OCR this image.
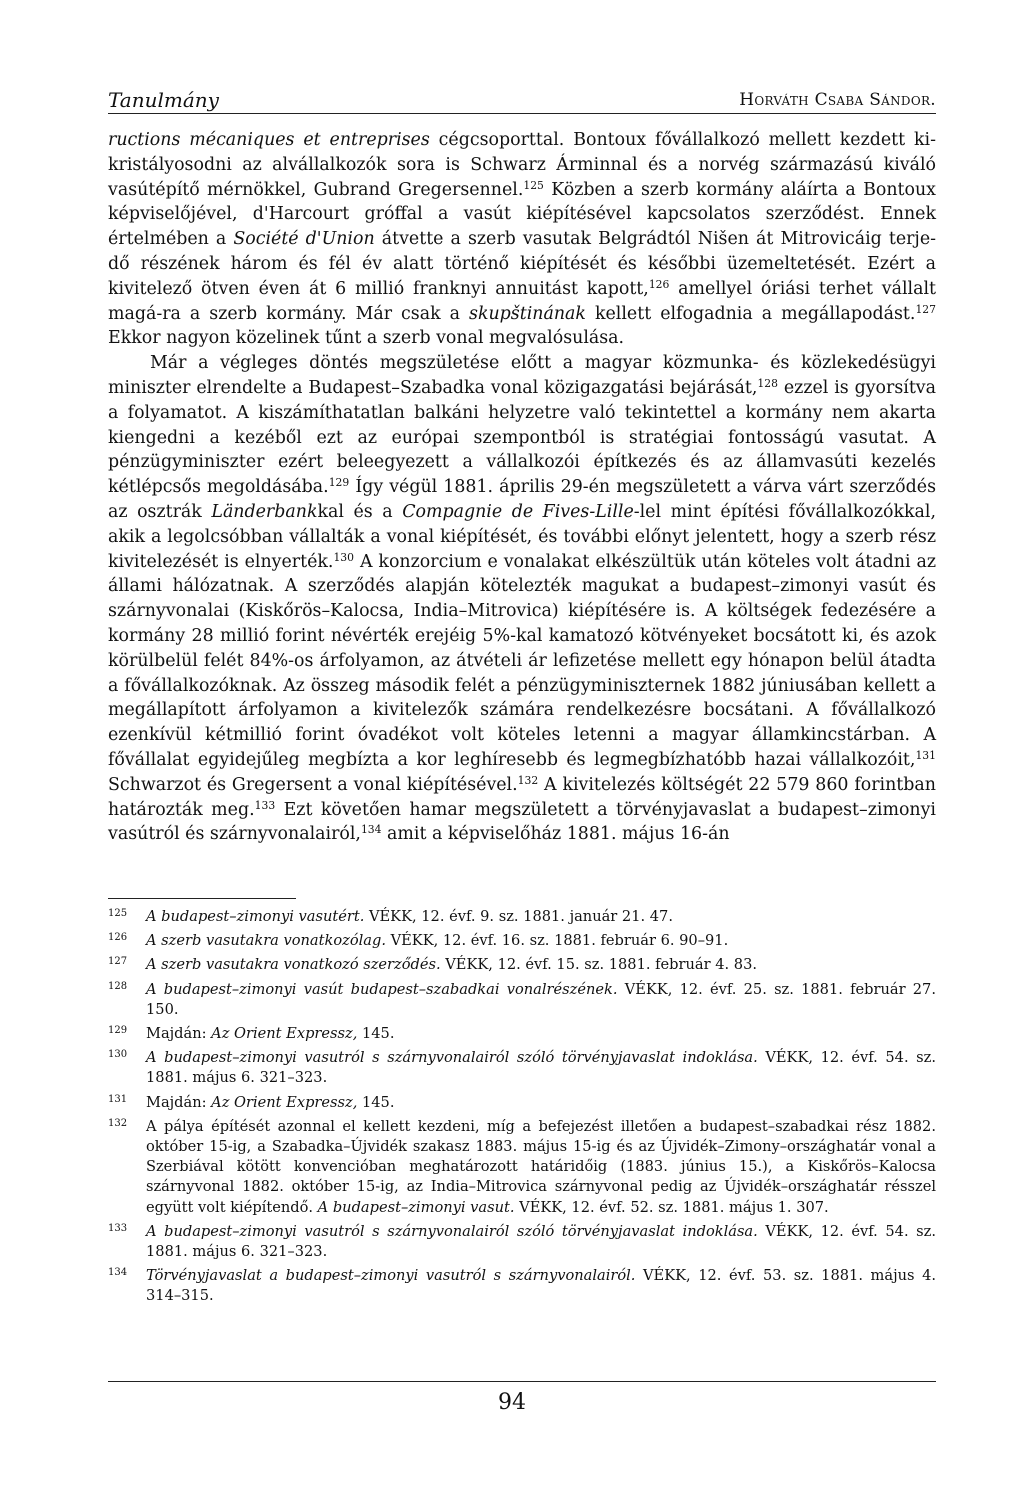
Tanulmány	Horváth Csaba Sándor.

ructions mécaniques et entreprises cégcsoporttal. Bontoux fővállalkozó mellett kezdett ki-kristályosodni az alvállalkozók sora is Schwarz Árminnal és a norvég származású kiváló vasútépítő mérnökkel, Gubrand Gregersennel.$^{125}$ Közben a szerb kormány aláírta a Bontoux képviselőjével, d'Harcourt gróffal a vasút kiépítésével kapcsolatos szerződést. Ennek értelmében a Société d'Union átvette a szerb vasutak Belgrádtól Nišen át Mitrovicáig terje-dő részének három és fél év alatt történő kiépítését és későbbi üzemeltetését. Ezért a kivitelező ötven éven át 6 millió franknyi annuitást kapott,$^{126}$ amellyel óriási terhet vállalt magá-ra a szerb kormány. Már csak a skupštinának kellett elfogadnia a megállapodást.$^{127}$ Ekkor nagyon közelinek tűnt a szerb vonal megvalósulása.

Már a végleges döntés megszületése előtt a magyar közmunka- és közlekedésügyi miniszter elrendelte a Budapest–Szabadka vonal közigazgatási bejárását,$^{128}$ ezzel is gyorsítva a folyamatot. A kiszámíthatatlan balkáni helyzetre való tekintettel a kormány nem akarta kiengedni a kezéből ezt az európai szempontból is stratégiai fontosságú vasutat. A pénzügyminiszter ezért beleegyezett a vállalkozói építkezés és az államvasúti kezelés kétlépcsős megoldásába.$^{129}$ Így végül 1881. április 29-én megszületett a várva várt szerződés az osztrák Länderbankkal és a Compagnie de Fives-Lille-lel mint építési fővállalkozókkal, akik a legolcsóbban vállalták a vonal kiépítését, és további előnyt jelentett, hogy a szerb rész kivitelezését is elnyerték.$^{130}$ A konzorcium e vonalakat elkészültük után köteles volt átadni az állami hálózatnak. A szerződés alapján kötelezték magukat a budapest–zimonyi vasút és szárnyvonalai (Kiskőrös–Kalocsa, India–Mitrovica) kiépítésére is. A költségek fedezésére a kormány 28 millió forint névérték erejéig 5%-kal kamatozó kötvényeket bocsátott ki, és azok körülbelül felét 84%-os árfolyamon, az átvételi ár lefizetése mellett egy hónapon belül átadta a fővállalkozóknak. Az összeg második felét a pénzügyminiszternek 1882 júniusában kellett a megállapított árfolyamon a kivitelezők számára rendelkezésre bocsátani. A fővállalkozó ezenkívül kétmillió forint óvadékot volt köteles letenni a magyar államkincstárban. A fővállalat egyidejűleg megbízta a kor leghíresebb és legmegbízhatóbb hazai vállalkozóit,$^{131}$ Schwarzot és Gregersent a vonal kiépítésével.$^{132}$ A kivitelezés költségét 22 579 860 forintban határozták meg.$^{133}$ Ezt követően hamar megszületett a törvényjavaslat a budapest–zimonyi vasútról és szárnyvonalairól,$^{134}$ amit a képviselőház 1881. május 16-án

125	A budapest–zimonyi vasutért. VÉKK, 12. évf. 9. sz. 1881. január 21. 47.
126	A szerb vasutakra vonatkozólag. VÉKK, 12. évf. 16. sz. 1881. február 6. 90–91.
127	A szerb vasutakra vonatkozó szerződés. VÉKK, 12. évf. 15. sz. 1881. február 4. 83.
128	A budapest–zimonyi vasút budapest–szabadkai vonalrészének. VÉKK, 12. évf. 25. sz. 1881. február 27. 150.
129	Majdán: Az Orient Expressz, 145.
130	A budapest–zimonyi vasutról s szárnyvonalairól szóló törvényjavaslat indoklása. VÉKK, 12. évf. 54. sz. 1881. május 6. 321–323.
131	Majdán: Az Orient Expressz, 145.
132	A pálya építését azonnal el kellett kezdeni, míg a befejezést illetően a budapest–szabadkai rész 1882. október 15-ig, a Szabadka–Újvidék szakasz 1883. május 15-ig és az Újvidék–Zimony–országhatár vonal a Szerbiával kötött konvencióban meghatározott határidőig (1883. június 15.), a Kiskőrös–Kalocsa szárnyvonal 1882. október 15-ig, az India–Mitrovica szárnyvonal pedig az Újvidék–országhatár résszel együtt volt kiépítendő. A budapest–zimonyi vasut. VÉKK, 12. évf. 52. sz. 1881. május 1. 307.
133	A budapest–zimonyi vasutról s szárnyvonalairól szóló törvényjavaslat indoklása. VÉKK, 12. évf. 54. sz. 1881. május 6. 321–323.
134	Törvényjavaslat a budapest–zimonyi vasutról s szárnyvonalairól. VÉKK, 12. évf. 53. sz. 1881. május 4. 314–315.
94
